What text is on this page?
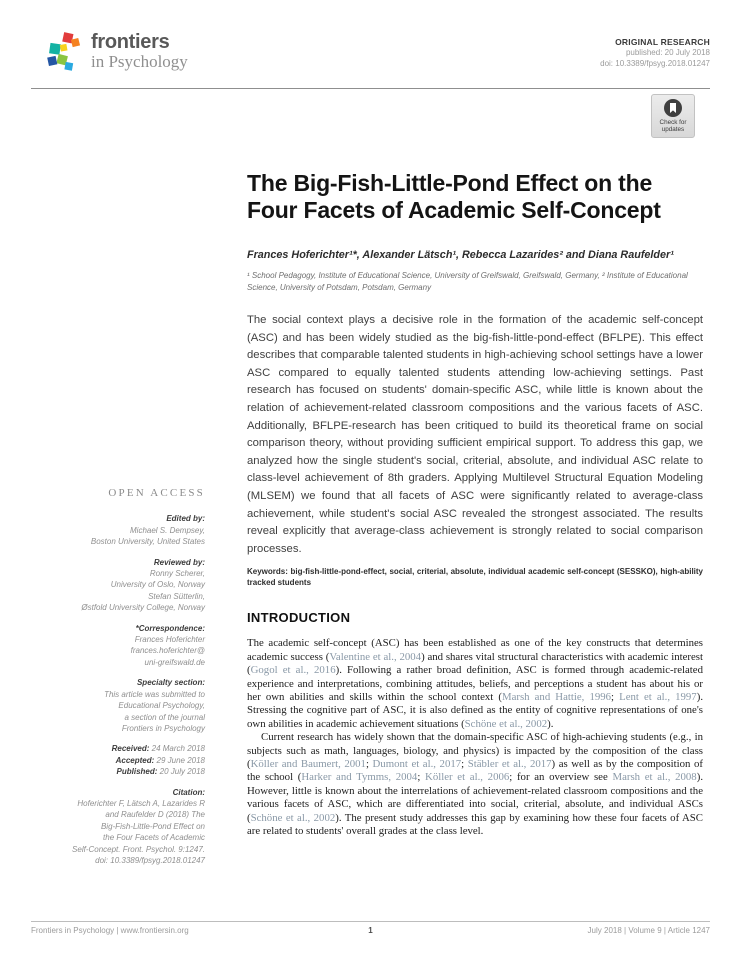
frontiers
in Psychology
ORIGINAL RESEARCH
published: 20 July 2018
doi: 10.3389/fpsyg.2018.01247
Check for
updates
OPEN ACCESS
Edited by:
Michael S. Dempsey,
Boston University, United States
Reviewed by:
Ronny Scherer,
University of Oslo, Norway
Stefan Sütterlin,
Østfold University College, Norway
*Correspondence:
Frances Hoferichter
frances.hoferichter@
uni-greifswald.de
Specialty section:
This article was submitted to
Educational Psychology,
a section of the journal
Frontiers in Psychology
Received: 24 March 2018
Accepted: 29 June 2018
Published: 20 July 2018
Citation:
Hoferichter F, Lätsch A, Lazarides R
and Raufelder D (2018) The
Big-Fish-Little-Pond Effect on
the Four Facets of Academic
Self-Concept. Front. Psychol. 9:1247.
doi: 10.3389/fpsyg.2018.01247
The Big-Fish-Little-Pond Effect on the Four Facets of Academic Self-Concept
Frances Hoferichter¹*, Alexander Lätsch¹, Rebecca Lazarides² and Diana Raufelder¹
¹ School Pedagogy, Institute of Educational Science, University of Greifswald, Greifswald, Germany, ² Institute of Educational Science, University of Potsdam, Potsdam, Germany
The social context plays a decisive role in the formation of the academic self-concept (ASC) and has been widely studied as the big-fish-little-pond-effect (BFLPE). This effect describes that comparable talented students in high-achieving school settings have a lower ASC compared to equally talented students attending low-achieving settings. Past research has focused on students' domain-specific ASC, while little is known about the relation of achievement-related classroom compositions and the various facets of ASC. Additionally, BFLPE-research has been critiqued to build its theoretical frame on social comparison theory, without providing sufficient empirical support. To address this gap, we analyzed how the single student's social, criterial, absolute, and individual ASC relate to class-level achievement of 8th graders. Applying Multilevel Structural Equation Modeling (MLSEM) we found that all facets of ASC were significantly related to average-class achievement, while student's social ASC revealed the strongest associated. The results reveal explicitly that average-class achievement is strongly related to social comparison processes.
Keywords: big-fish-little-pond-effect, social, criterial, absolute, individual academic self-concept (SESSKO), high-ability tracked students
INTRODUCTION
The academic self-concept (ASC) has been established as one of the key constructs that determines academic success (Valentine et al., 2004) and shares vital structural characteristics with academic interest (Gogol et al., 2016). Following a rather broad definition, ASC is formed through academic-related experience and interpretations, combining attitudes, beliefs, and perceptions a student has about his or her own abilities and skills within the school context (Marsh and Hattie, 1996; Lent et al., 1997). Stressing the cognitive part of ASC, it is also defined as the entity of cognitive representations of one's own abilities in academic achievement situations (Schöne et al., 2002).
Current research has widely shown that the domain-specific ASC of high-achieving students (e.g., in subjects such as math, languages, biology, and physics) is impacted by the composition of the class (Köller and Baumert, 2001; Dumont et al., 2017; Stäbler et al., 2017) as well as by the composition of the school (Harker and Tymms, 2004; Köller et al., 2006; for an overview see Marsh et al., 2008). However, little is known about the interrelations of achievement-related classroom compositions and the various facets of ASC, which are differentiated into social, criterial, absolute, and individual ASCs (Schöne et al., 2002). The present study addresses this gap by examining how these four facets of ASC are related to students' overall grades at the class level.
Frontiers in Psychology | www.frontiersin.org	1	July 2018 | Volume 9 | Article 1247
